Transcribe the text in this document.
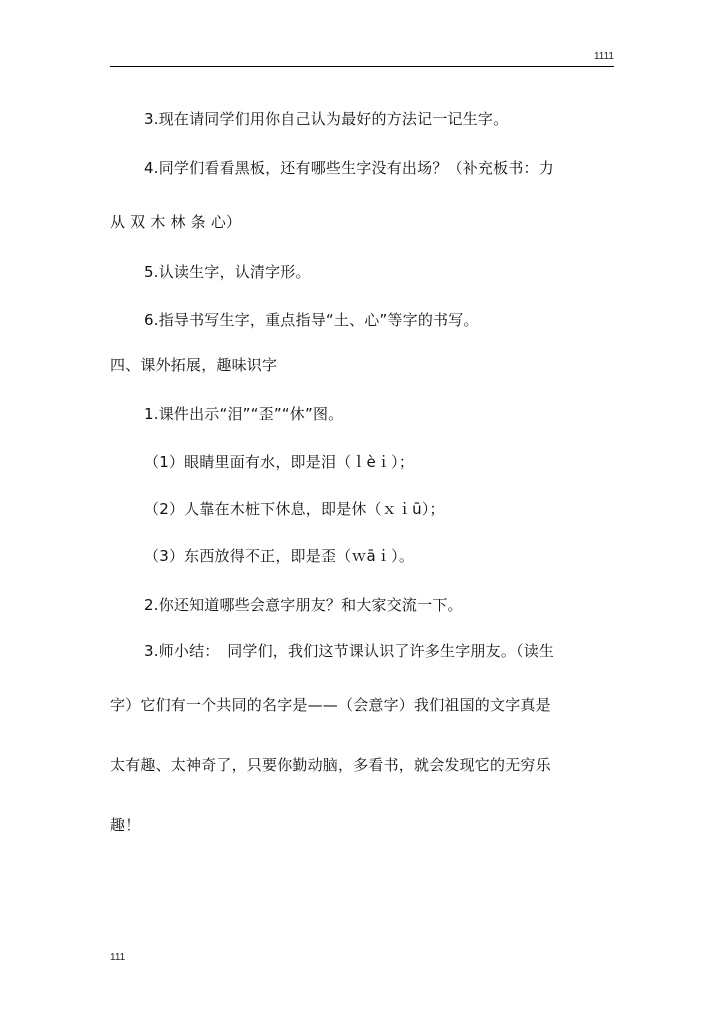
1111
3.现在请同学们用你自己认为最好的方法记一记生字。
4.同学们看看黑板，还有哪些生字没有出场？（补充板书：力
从 双 木 林 条 心）
5.认读生字，认清字形。
6.指导书写生字，重点指导“土、心”等字的书写。
四、课外拓展，趣味识字
1.课件出示“泪”“歪”“休”图。
（1）眼睛里面有水，即是泪（ｌèｉ）；
（2）人靠在木桩下休息，即是休（ｘｉū）；
（3）东西放得不正，即是歪（ｗāｉ）。
2.你还知道哪些会意字朋友？和大家交流一下。
3.师小结：　同学们，我们这节课认识了许多生字朋友。（读生
字）它们有一个共同的名字是——（会意字）我们祖国的文字真是
太有趣、太神奇了，只要你勤动脑，多看书，就会发现它的无穷乐
趣！
111
